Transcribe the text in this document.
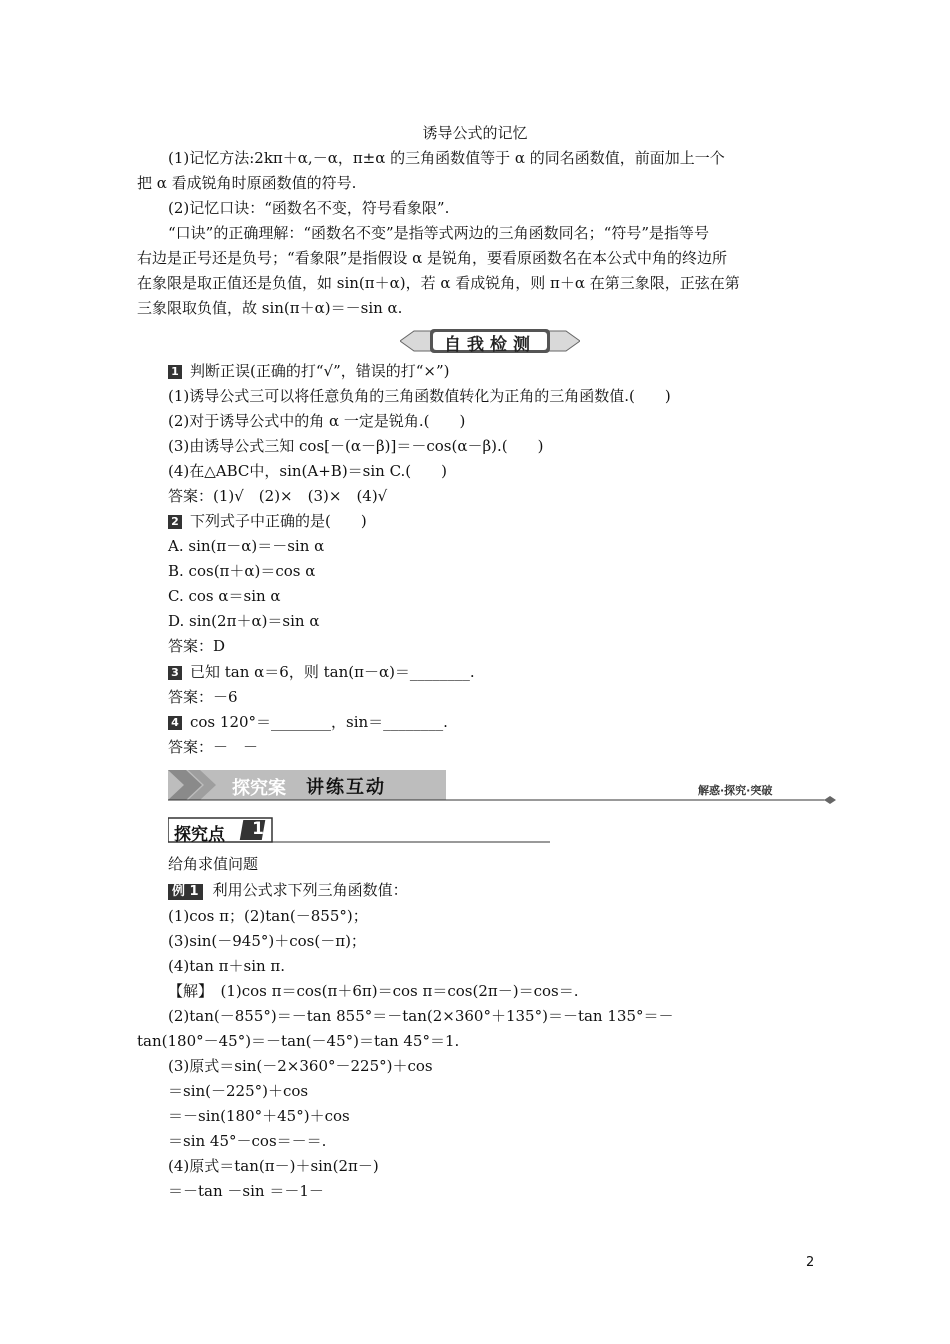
诱导公式的记忆
(1)记忆方法:2kπ＋α,－α，π±α 的三角函数值等于 α 的同名函数值，前面加上一个
把 α 看成锐角时原函数值的符号.
(2)记忆口诀：“函数名不变，符号看象限”.
“口诀”的正确理解：“函数名不变”是指等式两边的三角函数同名；“符号”是指等号
右边是正号还是负号；“看象限”是指假设 α 是锐角，要看原函数名在本公式中角的终边所
在象限是取正值还是负值，如 sin(π＋α)，若 α 看成锐角，则 π＋α 在第三象限，正弦在第
三象限取负值，故 sin(π＋α)＝－sin α.
自我检测
1 判断正误(正确的打“√”，错误的打“×”)
(1)诱导公式三可以将任意负角的三角函数值转化为正角的三角函数值.(　　)
(2)对于诱导公式中的角 α 一定是锐角.(　　)
(3)由诱导公式三知 cos[－(α－β)]＝－cos(α－β).(　　)
(4)在△ABC中，sin(A+B)＝sin C.(　　)
答案：(1)√　(2)×　(3)×　(4)√
2 下列式子中正确的是(　　)
A. sin(π－α)＝－sin α
B. cos(π＋α)＝cos α
C. cos α＝sin α
D. sin(2π＋α)＝sin α
答案：D
3 已知 tan α＝6，则 tan(π－α)＝________.
答案：－6
4 cos 120°＝________，sin＝________.
答案：－　－
探究案 讲练互动	解惑·探究·突破
探究点 1
给角求值问题
例 1 利用公式求下列三角函数值：
(1)cos π；(2)tan(－855°)；
(3)sin(－945°)＋cos(－π)；
(4)tan π＋sin π.
【解】　(1)cos π＝cos(π＋6π)＝cos π＝cos(2π－)＝cos＝.
(2)tan(－855°)＝－tan 855°＝－tan(2×360°＋135°)＝－tan 135°＝－
tan(180°－45°)＝－tan(－45°)＝tan 45°＝1.
(3)原式＝sin(－2×360°－225°)＋cos
＝sin(－225°)＋cos
＝－sin(180°＋45°)＋cos
＝sin 45°－cos＝－＝.
(4)原式＝tan(π－)＋sin(2π－)
＝－tan －sin ＝－1－
2
